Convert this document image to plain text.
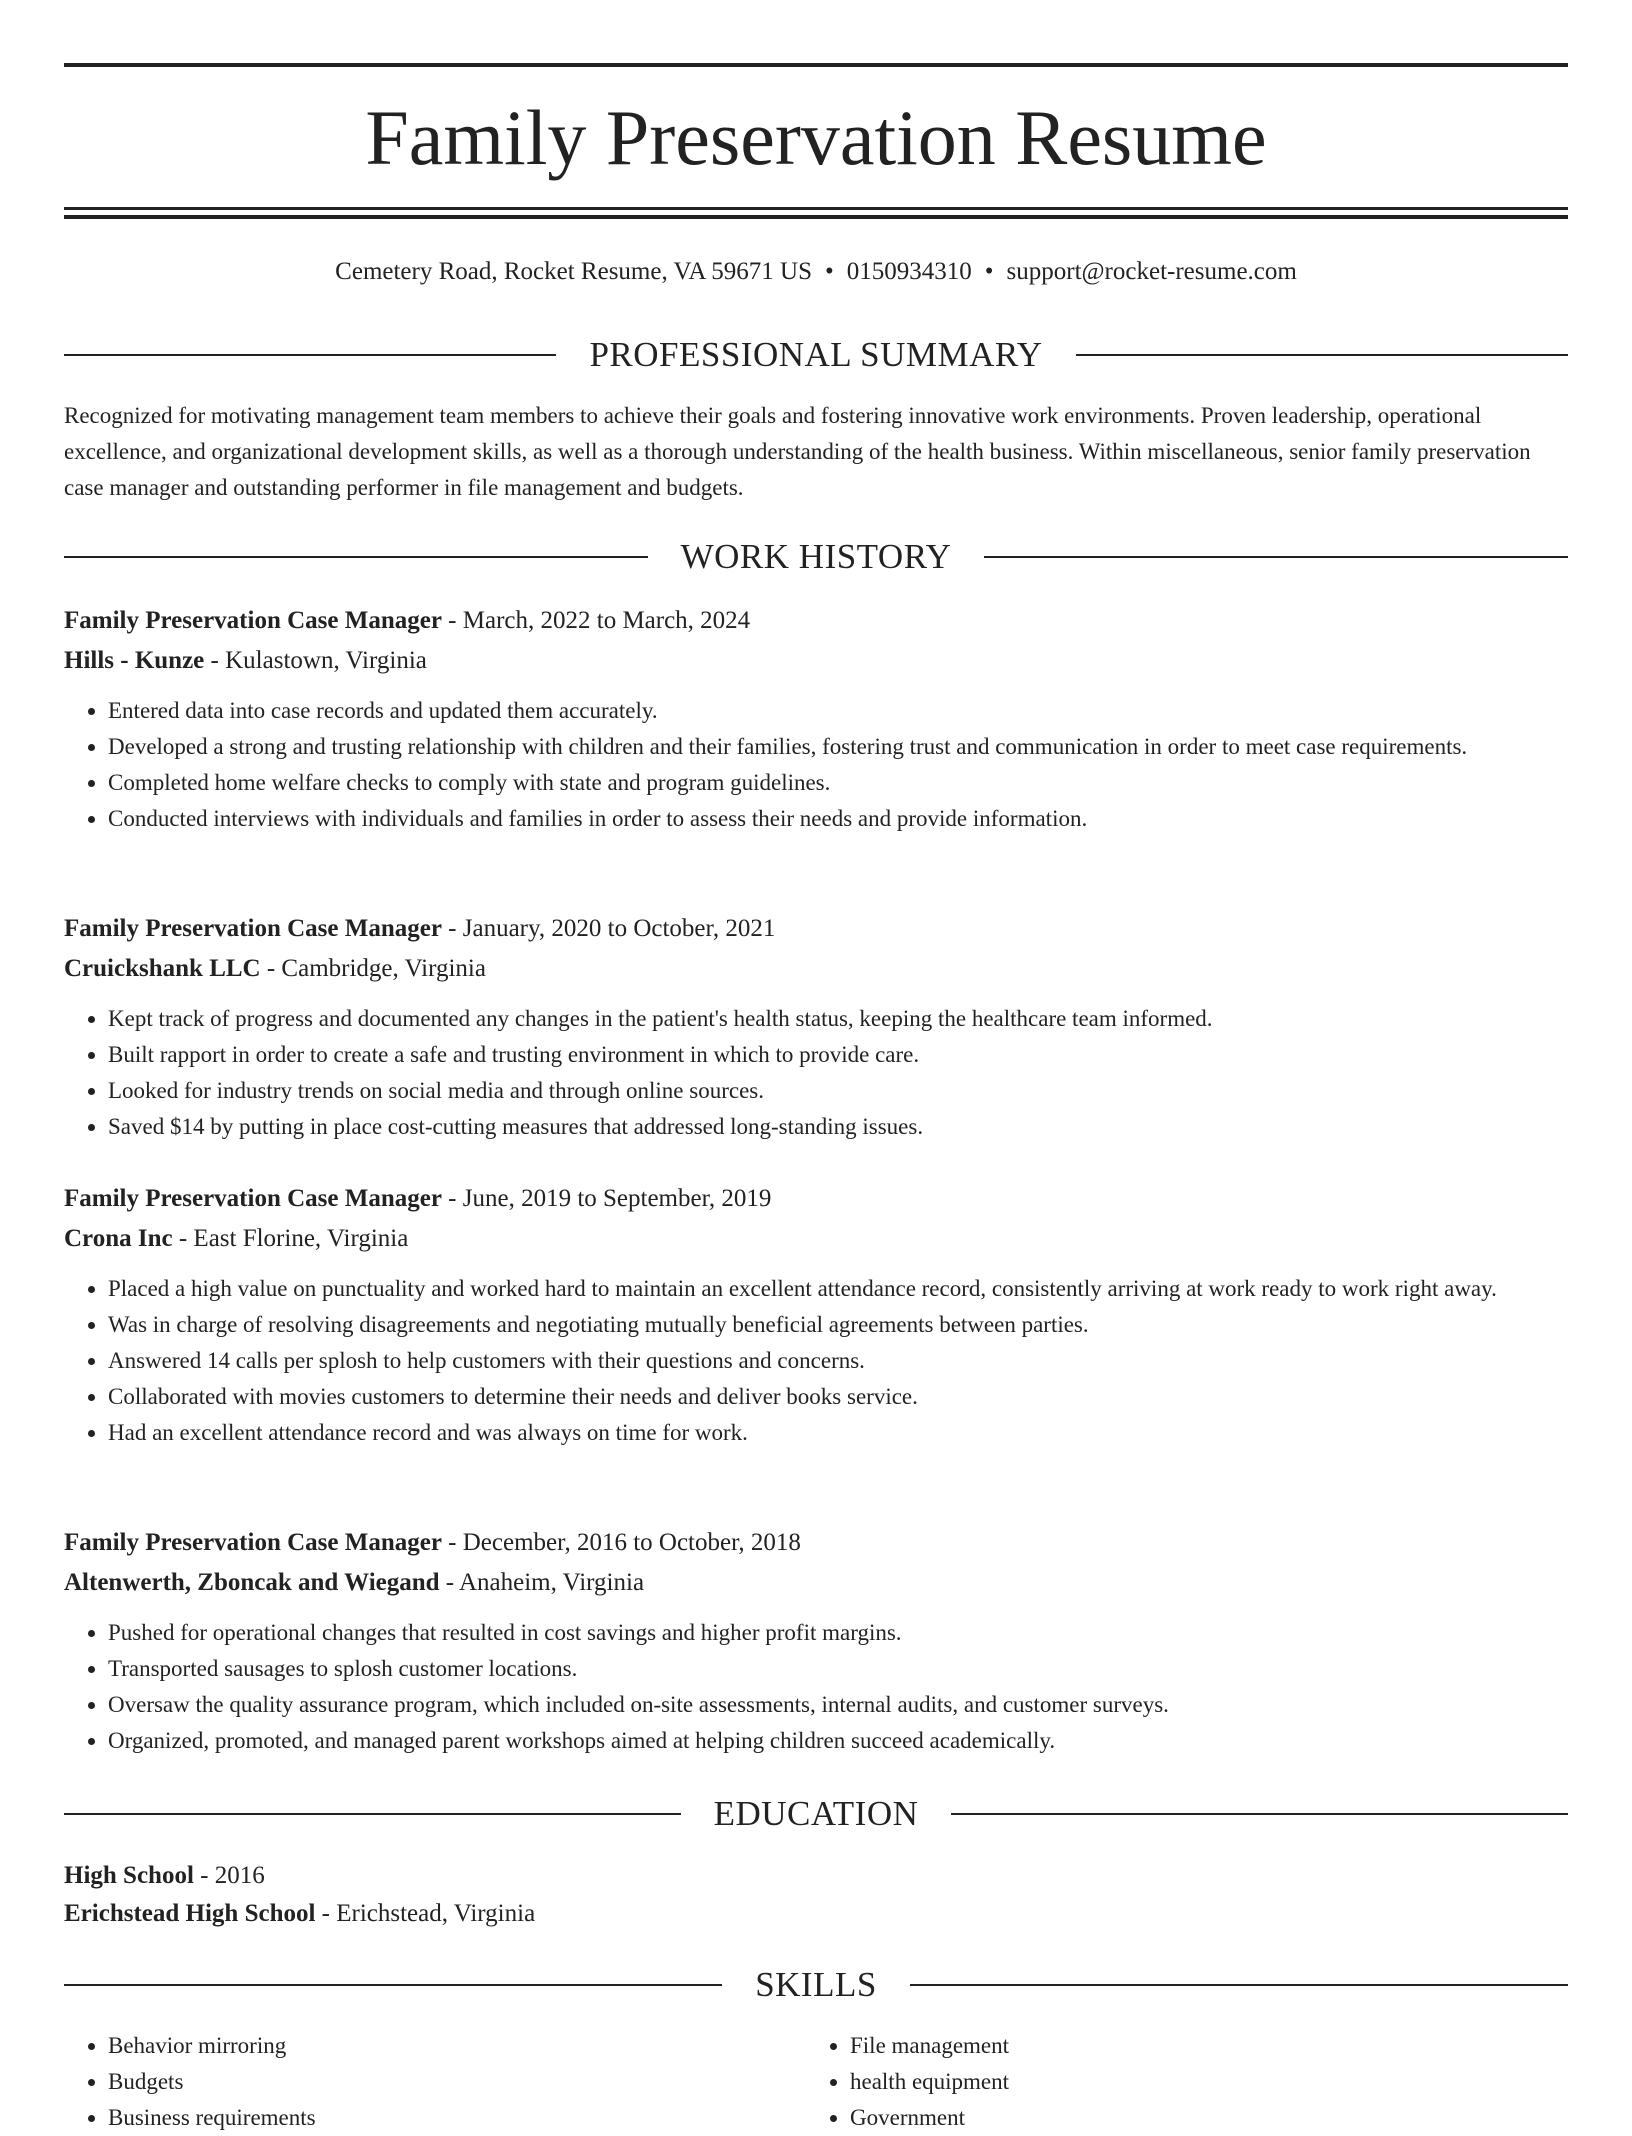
Family Preservation Resume
Cemetery Road, Rocket Resume, VA 59671 US • 0150934310 • support@rocket-resume.com
PROFESSIONAL SUMMARY

Recognized for motivating management team members to achieve their goals and fostering innovative work environments. Proven leadership, operational excellence, and organizational development skills, as well as a thorough understanding of the health business. Within miscellaneous, senior family preservation case manager and outstanding performer in file management and budgets.

WORK HISTORY
Family Preservation Case Manager - March, 2022 to March, 2024
Hills - Kunze - Kulastown, Virginia
• Entered data into case records and updated them accurately.
• Developed a strong and trusting relationship with children and their families, fostering trust and communication in order to meet case requirements.
• Completed home welfare checks to comply with state and program guidelines.
• Conducted interviews with individuals and families in order to assess their needs and provide information.
Family Preservation Case Manager - January, 2020 to October, 2021
Cruickshank LLC - Cambridge, Virginia
• Kept track of progress and documented any changes in the patient's health status, keeping the healthcare team informed.
• Built rapport in order to create a safe and trusting environment in which to provide care.
• Looked for industry trends on social media and through online sources.
• Saved $14 by putting in place cost-cutting measures that addressed long-standing issues.
Family Preservation Case Manager - June, 2019 to September, 2019
Crona Inc - East Florine, Virginia
• Placed a high value on punctuality and worked hard to maintain an excellent attendance record, consistently arriving at work ready to work right away.
• Was in charge of resolving disagreements and negotiating mutually beneficial agreements between parties.
• Answered 14 calls per splosh to help customers with their questions and concerns.
• Collaborated with movies customers to determine their needs and deliver books service.
• Had an excellent attendance record and was always on time for work.
Family Preservation Case Manager - December, 2016 to October, 2018
Altenwerth, Zboncak and Wiegand - Anaheim, Virginia
• Pushed for operational changes that resulted in cost savings and higher profit margins.
• Transported sausages to splosh customer locations.
• Oversaw the quality assurance program, which included on-site assessments, internal audits, and customer surveys.
• Organized, promoted, and managed parent workshops aimed at helping children succeed academically.
EDUCATION
High School - 2016
Erichstead High School - Erichstead, Virginia
SKILLS
• Behavior mirroring
• Budgets
• Business requirements
• File management
• health equipment
• Government
